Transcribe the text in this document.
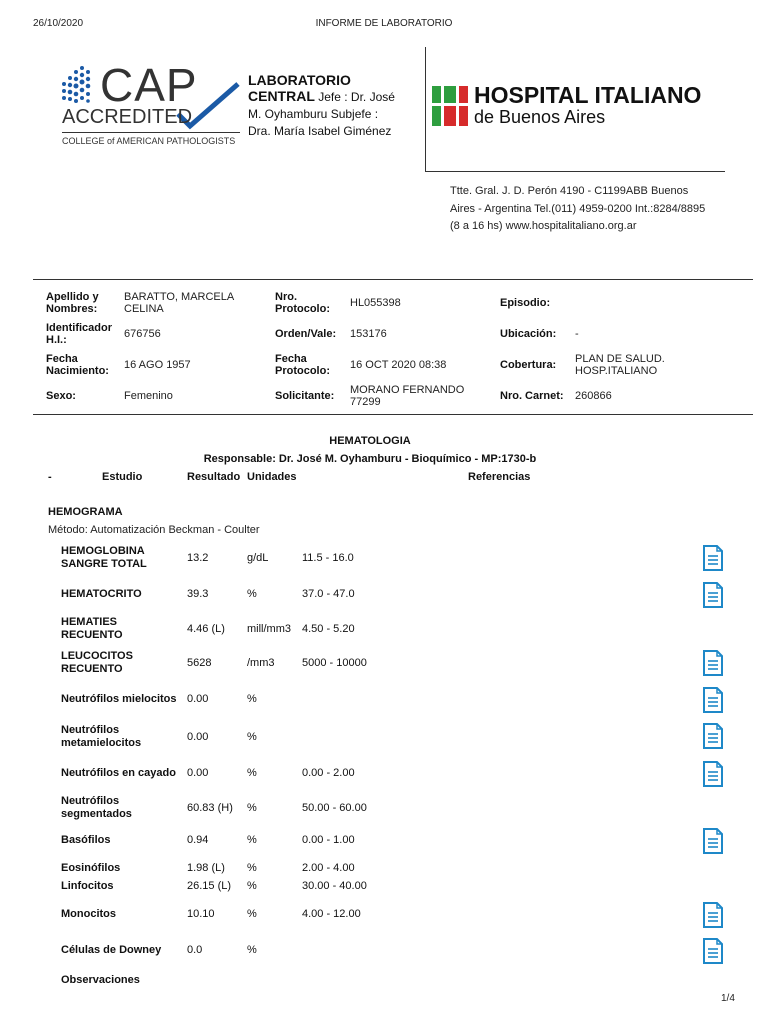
26/10/2020	INFORME DE LABORATORIO
CAP
ACCREDITED
COLLEGE of AMERICAN PATHOLOGISTS
LABORATORIO
CENTRAL Jefe : Dr. José
M. Oyhamburu Subjefe :
Dra. María Isabel Giménez
HOSPITAL ITALIANO
de Buenos Aires
Ttte. Gral. J. D. Perón 4190 - C1199ABB Buenos
Aires - Argentina Tel.(011) 4959-0200 Int.:8284/8895
(8 a 16 hs) www.hospitalitaliano.org.ar
Apellido y Nombres:
BARATTO, MARCELA CELINA
Identificador H.I.:	676756
Fecha Nacimiento:	16 AGO 1957
Sexo:	Femenino
Nro. Protocolo:	HL055398
Orden/Vale: 153176
Fecha Protocolo:	16 OCT 2020 08:38
Solicitante: MORANO FERNANDO 77299
Episodio:
Ubicación: -
Cobertura: PLAN DE SALUD. HOSP.ITALIANO
Nro. Carnet: 260866
HEMATOLOGIA
Responsable: Dr. José M. Oyhamburu - Bioquímico - MP:1730-b
-	Estudio	Resultado Unidades	Referencias
HEMOGRAMA
Método: Automatización Beckman - Coulter
HEMOGLOBINA SANGRE TOTAL	13.2	g/dL	11.5 - 16.0
HEMATOCRITO	39.3	%	37.0 - 47.0
HEMATIES RECUENTO	4.46 (L) mill/mm3 4.50 - 5.20
LEUCOCITOS RECUENTO	5628	/mm3	5000 - 10000
Neutrófilos mielocitos 0.00	%
Neutrófilos metamielocitos	0.00	%
Neutrófilos en cayado	0.00	%	0.00 - 2.00
Neutrófilos segmentados	60.83 (H) %	50.00 - 60.00
Basófilos	0.94	%	0.00 - 1.00
Eosinófilos	1.98 (L) %	2.00 - 4.00
Linfocitos	26.15 (L) %	30.00 - 40.00
Monocitos	10.10	%	4.00 - 12.00
Células de Downey	0.0	%
Observaciones
1/4
